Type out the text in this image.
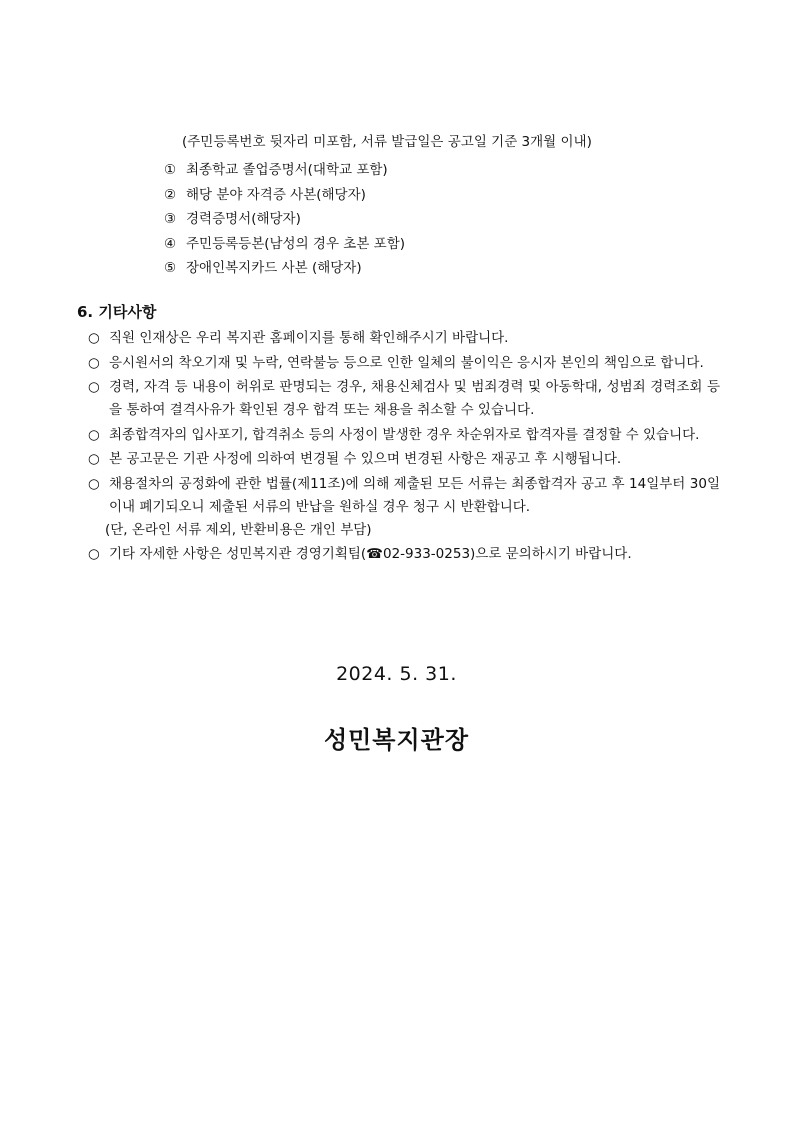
(주민등록번호 뒷자리 미포함, 서류 발급일은 공고일 기준 3개월 이내)
① 최종학교 졸업증명서(대학교 포함)
② 해당 분야 자격증 사본(해당자)
③ 경력증명서(해당자)
④ 주민등록등본(남성의 경우 초본 포함)
⑤ 장애인복지카드 사본 (해당자)
6. 기타사항
○ 직원 인재상은 우리 복지관 홈페이지를 통해 확인해주시기 바랍니다.
○ 응시원서의 착오기재 및 누락, 연락불능 등으로 인한 일체의 불이익은 응시자 본인의 책임으로 합니다.
○ 경력, 자격 등 내용이 허위로 판명되는 경우, 채용신체검사 및 범죄경력 및 아동학대, 성범죄 경력조회 등을 통하여 결격사유가 확인된 경우 합격 또는 채용을 취소할 수 있습니다.
○ 최종합격자의 입사포기, 합격취소 등의 사정이 발생한 경우 차순위자로 합격자를 결정할 수 있습니다.
○ 본 공고문은 기관 사정에 의하여 변경될 수 있으며 변경된 사항은 재공고 후 시행됩니다.
○ 채용절차의 공정화에 관한 법률(제11조)에 의해 제출된 모든 서류는 최종합격자 공고 후 14일부터 30일이내 폐기되오니 제출된 서류의 반납을 원하실 경우 청구 시 반환합니다.
(단, 온라인 서류 제외, 반환비용은 개인 부담)
○ 기타 자세한 사항은 성민복지관 경영기획팀(☎02-933-0253)으로 문의하시기 바랍니다.
2024. 5. 31.
성민복지관장
